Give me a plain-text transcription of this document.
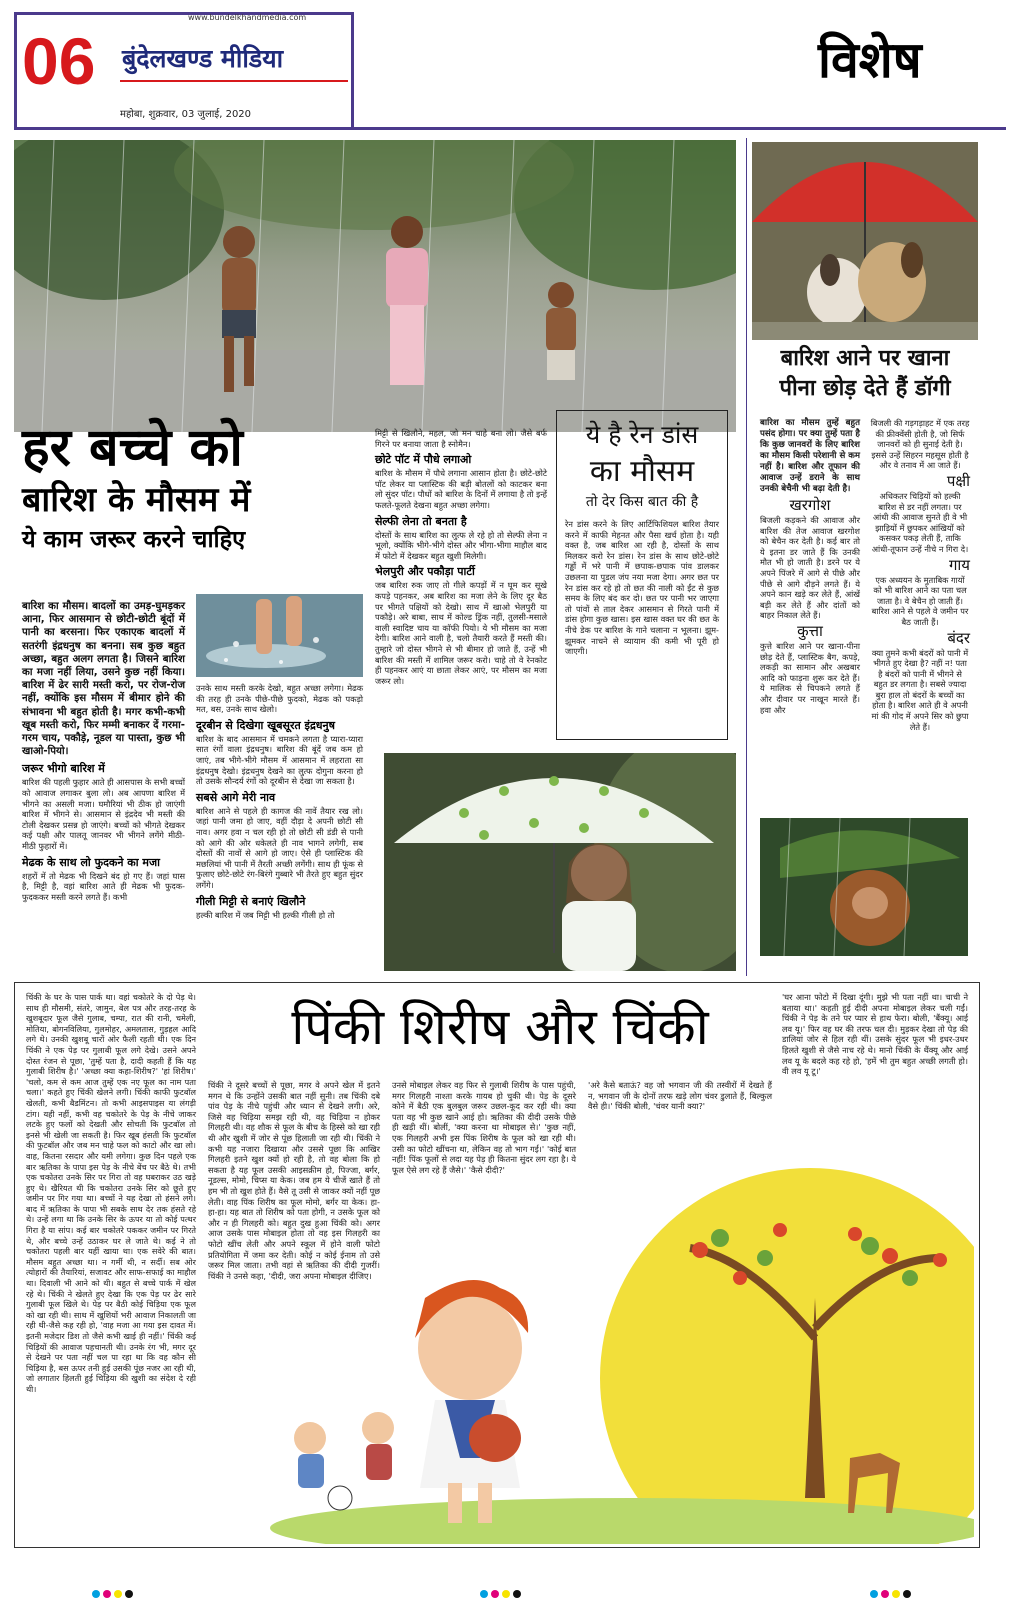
www.bundelkhandmedia.com
06 बुंदेलखण्ड मीडिया
महोबा, शुक्रवार, 03 जुलाई, 2020
विशेष
हर बच्चे को
बारिश के मौसम में
ये काम जरूर करने चाहिए

बारिश का मौसम। बादलों का उमड़-घुमड़कर आना, फिर आसमान से छोटी-छोटी बूंदों में पानी का बरसना। फिर एकाएक बादलों में सतरंगी इंद्रधनुष का बनना। सब कुछ बहुत अच्छा, बहुत अलग लगता है। जिसने बारिश का मजा नहीं लिया, उसने कुछ नहीं किया। बारिश में ढेर सारी मस्ती करो, पर रोज-रोज नहीं, क्योंकि इस मौसम में बीमार होने की संभावना भी बहुत होती है। मगर कभी-कभी खूब मस्ती करो, फिर मम्मी बनाकर दें गरमा-गरम चाय, पकौड़े, नूडल या पास्ता, कुछ भी खाओ-पियो।

जरूर भीगो बारिश में

बारिश की पहली फुहार आते ही आसपास के सभी बच्चों को आवाज लगाकर बुला लो। अब आपणा बारिश में भीगने का असली मजा। घमौरियां भी ठीक हो जाएंगी बारिश में भीगने से। आसमान से इंद्रदेव भी मस्ती की टोली देखकर प्रसन्न हो जाएंगे। बच्चों को भीगते देखकर कई पक्षी और पालतू जानवर भी भीगने लगेंगे मीठी-मीठी फुहारों में।

मेढक के साथ लो फुदकने का मजा

शहरों में तो मेढक भी दिखने बंद हो गए हैं। जहां घास है, मिट्टी है, वहां बारिश आते ही मेढक भी फुदक-फुदककर मस्ती करने लगते हैं। कभी

उनके साथ मस्ती करके देखो, बहुत अच्छा लगेगा। मेढक की तरह ही उनके पीछे-पीछे फुदको, मेढक को पकड़ो मत, बस, उनके साथ खेलो।

दूरबीन से दिखेगा खूबसूरत इंद्रधनुष

बारिश के बाद आसमान में चमकने लगता है प्यारा-प्यारा सात रंगों वाला इंद्रधनुष। बारिश की बूंदें जब कम हो जाएं, तब भीगे-भीगे मौसम में आसमान में लहराता सा इंद्रधनुष देखो। इंद्रधनुष देखने का लुत्फ दोगुना करना हो तो उसके सौन्दर्य रंगों को दूरबीन से देखा जा सकता है।

सबसे आगे मेरी नाव

बारिश आने से पहले ही कागज की नावें तैयार रख लो। जहां पानी जमा हो जाए, वहीं दौड़ा दे अपनी छोटी सी नाव। अगर हवा न चल रही हो तो छोटी सी डंडी से पानी को आगे की ओर धकेलते ही नाव भागने लगेगी, सब दोस्तों की नावों से आगे हो जाए। ऐसे ही प्लास्टिक की मछलियां भी पानी में तैरती अच्छी लगेंगी। साथ ही फूंक से फुलाए छोटे-छोटे रंग-बिरंगे गुब्बारे भी तैरते हुए बहुत सुंदर लगेंगे।

गीली मिट्टी से बनाएं खिलौने

हल्की बारिश में जब मिट्टी भी हल्की गीली हो तो

मिट्टी से खिलौने, महल, जो मन चाहे बना लो। जैसे बर्फ गिरने पर बनाया जाता है स्नोमैन।

छोटे पॉट में पौधे लगाओ

बारिश के मौसम में पौधे लगाना आसान होता है। छोटे-छोटे पॉट लेकर या प्लास्टिक की बड़ी बोतलों को काटकर बना लो सुंदर पॉट। पौधों को बारिश के दिनों में लगाया है तो इन्हें फलते-फूलते देखना बहुत अच्छा लगेगा।

सेल्फी लेना तो बनता है

दोस्तों के साथ बारिश का लुत्फ ले रहे हो तो सेल्फी लेना न भूलो, क्योंकि भीगे-भीगे दोस्त और भीगा-भीगा माहौल बाद में फोटो में देखकर बहुत खुशी मिलेगी।

भेलपुरी और पकौड़ा पार्टी

जब बारिश रुक जाए तो गीले कपड़ों में न घूम कर सूखे कपड़े पहनकर, अब बारिश का मजा लेने के लिए दूर बैठ पर भीगते पक्षियों को देखो। साथ में खाओ भेलपुरी या पकौड़े। अरे बाबा, साथ में कोल्ड ड्रिंक नहीं, तुलसी-मसाले वाली स्वादिष्ट चाय या कॉफी पियो। ये भी मौसम का मजा देगी। बारिश आने वाली है, चलो तैयारी करते हैं मस्ती की। तुम्हारे जो दोस्त भीगने से भी बीमार हो जाते हैं, उन्हें भी बारिश की मस्ती में शामिल जरूर करो। चाहे तो वे रेनकोट ही पहनकर आएं या छाता लेकर आएं, पर मौसम का मजा जरूर लो।

ये है रेन डांस
का मौसम
तो देर किस बात की है

रेन डांस करने के लिए आर्टिफिशियल बारिश तैयार करने में काफी मेहनत और पैसा खर्च होता है। यही वक्त है, जब बारिश आ रही है, दोस्तों के साथ मिलकर करो रेन डांस। रेन डांस के साथ छोटे-छोटे गड्ढों में भरे पानी में छपाक-छपाक पांव डालकर उछलना या पुडल जंप नया मजा देगा। अगर छत पर रेन डांस कर रहे हो तो छत की नाली को ईंट से कुछ समय के लिए बंद कर दो। छत पर पानी भर जाएगा तो पांवों से ताल देकर आसमान से गिरते पानी में डांस होगा कुछ खास। इस खास वक्त घर की छत के नीचे डेक पर बारिश के गाने चलाना न भूलना। झूम-झूमकर नाचने से व्यायाम की कमी भी पूरी हो जाएगी।

बारिश आने पर खाना
पीना छोड़ देते हैं डॉगी

बारिश का मौसम तुम्हें बहुत पसंद होगा। पर क्या तुम्हें पता है कि कुछ जानवरों के लिए बारिश का मौसम किसी परेशानी से कम नहीं है। बारिश और तूफान की आवाज उन्हें डराने के साथ उनकी बेचैनी भी बढ़ा देती है।

खरगोश

बिजली कड़कने की आवाज और बारिश की तेज आवाज खरगोश को बेचैन कर देती है। कई बार तो ये इतना डर जाते हैं कि उनकी मौत भी हो जाती है। डरने पर ये अपने पिंजरे में आगे से पीछे और पीछे से आगे दौड़ने लगते हैं। ये अपने कान खड़े कर लेते हैं, आंखें बड़ी कर लेते हैं और दांतों को बाहर निकाल लेते हैं।

कुत्ता

कुत्ते बारिश आने पर खाना-पीना छोड़ देते हैं, प्लास्टिक बैग, कपड़े, लकड़ी का सामान और अखबार आदि को फाड़ना शुरू कर देते हैं। ये मालिक से चिपकने लगते हैं और दीवार पर नाखून मारते हैं। हवा और

बिजली की गड़गड़ाहट में एक तरह की फ्रीक्वेंसी होती है, जो सिर्फ जानवरों को ही सुनाई देती है। इससे उन्हें सिहरन महसूस होती है और वे तनाव में आ जाते हैं।

पक्षी

अधिकतर चिड़ियों को हल्की बारिश से डर नहीं लगता। पर आंधी की आवाज सुनते ही वे भी झाड़ियों में छुपकर आंखियों को कसकर पकड़ लेती हैं, ताकि आंधी-तूफान उन्हें नीचे न गिरा दे।

गाय

एक अध्ययन के मुताबिक गायों को भी बारिश आने का पता चल जाता है। वे बेचैन हो जाती हैं। बारिश आने से पहले वे जमीन पर बैठ जाती हैं।

बंदर

क्या तुमने कभी बंदरों को पानी में भीगते हुए देखा है? नहीं न! पता है बंदरों को पानी में भीगने से बहुत डर लगता है। सबसे ज्यादा बुरा हाल तो बंदरों के बच्चों का होता है। बारिश आते ही वे अपनी मां की गोद में अपने सिर को छुपा लेते हैं।

पिंकी शिरीष और चिंकी

चिंकी के घर के पास पार्क था। वहां चकोतरे के दो पेड़ थे। साथ ही मौसमी, संतरे, जामुन, बेल पत्र और तरह-तरह के खुशबूदार फूल जैसे गुलाब, चम्पा, रात की रानी, चमेली, मोतिया, बोगनविलिया, गुलमोहर, अमलतास, गुड़हल आदि लगे थे। उनकी खुशबू चारों ओर फैली रहती थी। एक दिन चिंकी ने एक पेड़ पर गुलाबी फूल लगे देखे। उसने अपने दोस्त रंजन से पूछा, 'तुम्हें पता है, दादी कहती हैं कि यह गुलाबी शिरीष है।' 'अच्छा क्या कहा-शिरीष?' 'हां शिरीष।' 'चलो, कम से कम आज तुम्हें एक नए फूल का नाम पता चला।' कहते हुए चिंकी खेलने लगी। चिंकी काफी फुटबॉल खेलती, कभी बैडमिंटन। तो कभी आइसपाइस या लंगड़ी टांग। यही नहीं, कभी वह चकोतरे के पेड़ के नीचे जाकर लटके हुए फलों को देखती और सोचती कि फुटबॉल तो इनसे भी खेली जा सकती है। फिर खूब हंसती कि फुटबॉल की फुटबॉल और जब मन चाहे फल को काटो और खा लो। वाह, कितना रसदार और यमी लगेगा। कुछ दिन पहले एक बार ऋतिका के पापा इस पेड़ के नीचे बेंच पर बैठे थे। तभी एक चकोतरा उनके सिर पर गिरा तो वह घबराकर उठ खड़े हुए थे। खैरियत थी कि चकोतरा उनके सिर को छूते हुए जमीन पर गिर गया था। बच्चों ने यह देखा तो हंसने लगे। बाद में ऋतिका के पापा भी सबके साथ देर तक हंसते रहे थे। उन्हें लगा था कि उनके सिर के ऊपर या तो कोई पत्थर गिरा है या सांप। कई बार चकोतरे पककर जमीन पर गिरते थे, और बच्चे उन्हें उठाकर घर ले जाते थे। कई ने तो चकोतरा पहली बार यहीं खाया था। एक सवेरे की बात। मौसम बहुत अच्छा था। न गर्मी थी, न सर्दी। सब ओर त्योहारों की तैयारियां, सजावट और साफ-सफाई का माहौल था। दिवाली भी आने को थी। बहुत से बच्चे पार्क में खेल रहे थे। चिंकी ने खेलते हुए देखा कि एक पेड़ पर ढेर सारे गुलाबी फूल खिले थे। पेड़ पर बैठी कोई चिड़िया एक फूल को खा रही थी। साथ में खुशियों भरी आवाज निकालती जा रही थी-जैसे कह रही हो, 'वाह मजा आ गया इस दावत में। इतनी मजेदार डिश तो जैसे कभी खाई ही नहीं।' चिंकी कई चिड़ियों की आवाज पहचानती थी। उनके रंग भी, मगर दूर से देखने पर पता नहीं चल पा रहा था कि वह कौन सी चिड़िया है, बस ऊपर तनी हुई उसकी पूंछ नजर आ रही थी, जो लगातार हिलती हुई चिड़िया की खुशी का संदेश दे रही थी।

चिंकी ने दूसरे बच्चों से पूछा, मगर वे अपने खेल में इतने मगन थे कि उन्होंने उसकी बात नहीं सुनी। तब चिंकी दबे पांव पेड़ के नीचे पहुंची और ध्यान से देखने लगी। अरे, जिसे वह चिड़िया समझ रही थी, वह चिड़िया न होकर गिलहरी थी। वह शौक से फूल के बीच के हिस्से को खा रही थी और खुशी में जोर से पूंछ हिलाती जा रही थी। चिंकी ने कभी यह नजारा दिखाया और उससे पूछा कि आखिर गिलहरी इतने खुश क्यों हो रही है, तो वह बोला कि हो सकता है यह फूल उसकी आइसक्रीम हो, पिज्जा, बर्गर, नूडल्स, मोमो, चिप्स या केक। जब हम ये चीजें खाते हैं तो हम भी तो खुश होते हैं। वैसे तू उसी से जाकर क्यों नहीं पूछ लेती। वाह पिंक शिरीष का फूल मोमो, बर्गर या केक। हा-हा-हा। यह बात तो शिरीष को पता होगी, न उसके फूल को और न ही गिलहरी को। बहुत दुख हुआ चिंकी को। अगर आज उसके पास मोबाइल होता तो वह इस गिलहरी का फोटो खींच लेती और अपने स्कूल में होने वाली फोटो प्रतियोगिता में जमा कर देती। कोई न कोई ईनाम तो उसे जरूर मिल जाता। तभी वहां से ऋतिका की दीदी गुजरीं। चिंकी ने उनसे कहा, 'दीदी, जरा अपना मोबाइल दीजिए।

उनसे मोबाइल लेकर वह फिर से गुलाबी शिरीष के पास पहुंची, मगर गिलहरी नाश्ता करके गायब हो चुकी थी। पेड़ के दूसरे कोने में बैठी एक बुलबुल जरूर उछल-कूद कर रही थी। क्या पता वह भी कुछ खाने आई हो। ऋतिका की दीदी उसके पीछे ही खड़ी थीं। बोलीं, 'क्या करना था मोबाइल से।' 'कुछ नहीं, एक गिलहरी अभी इस पिंक शिरीष के फूल को खा रही थी। उसी का फोटो खींचना था, लेकिन वह तो भाग गई।' 'कोई बात नहीं! पिंक फूलों से लदा यह पेड़ ही कितना सुंदर लग रहा है। ये फूल ऐसे लग रहे हैं जैसे।' 'कैसे दीदी?'

'अरे कैसे बताऊं? वह जो भगवान जी की तस्वीरों में देखते हैं न, भगवान जी के दोनों तरफ खड़े लोग चंवर डुलाते हैं, बिल्कुल वैसे ही।' चिंकी बोली, 'चंवर यानी क्या?'

'घर आना फोटो में दिखा दूंगी। मुझे भी पता नहीं था। चाची ने बताया था।' कहती हुई दीदी अपना मोबाइल लेकर चली गईं। चिंकी ने पेड़ के तने पर प्यार से हाथ फेरा। बोली, 'बैंक्यू। आई लव यू।' फिर वह घर की तरफ चल दी। मुड़कर देखा तो पेड़ की डालियां जोर से हिल रही थीं। उसके सुंदर फूल भी इधर-उधर हिलते खुशी से जैसे नाच रहे थे। मानो चिंकी के थैंक्यू और आई लव यू के बदले कह रहे हो, 'हमें भी तुम बहुत अच्छी लगती हो। वी लव यू टू।'
